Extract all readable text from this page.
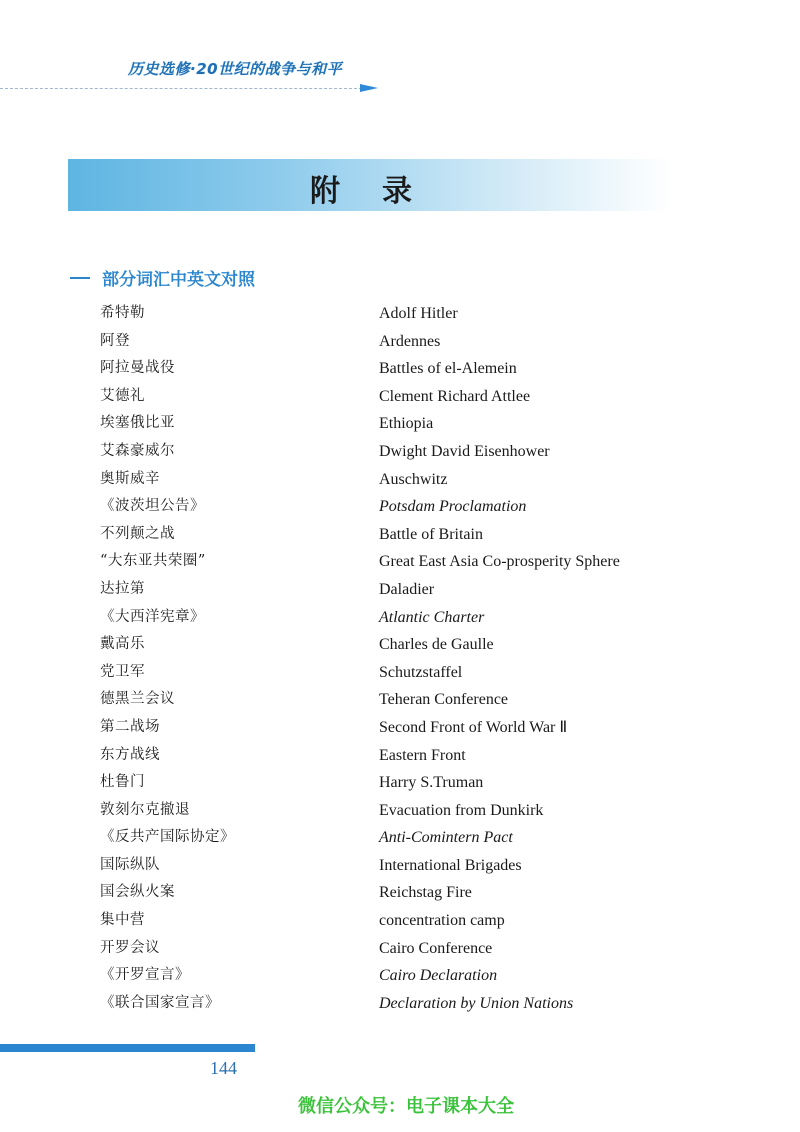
历史选修·20世纪的战争与和平
附录
部分词汇中英文对照
希特勒	Adolf Hitler
阿登	Ardennes
阿拉曼战役	Battles of el-Alemein
艾德礼	Clement Richard Attlee
埃塞俄比亚	Ethiopia
艾森豪威尔	Dwight David Eisenhower
奥斯威辛	Auschwitz
《波茨坦公告》	Potsdam Proclamation
不列颠之战	Battle of Britain
“大东亚共荣圈”	Great East Asia Co-prosperity Sphere
达拉第	Daladier
《大西洋宪章》	Atlantic Charter
戴高乐	Charles de Gaulle
党卫军	Schutzstaffel
德黑兰会议	Teheran Conference
第二战场	Second Front of World War Ⅱ
东方战线	Eastern Front
杜鲁门	Harry S.Truman
敦刻尔克撤退	Evacuation from Dunkirk
《反共产国际协定》	Anti-Comintern Pact
国际纵队	International Brigades
国会纵火案	Reichstag Fire
集中营	concentration camp
开罗会议	Cairo Conference
《开罗宣言》	Cairo Declaration
《联合国家宣言》	Declaration by Union Nations
144
微信公众号：电子课本大全
